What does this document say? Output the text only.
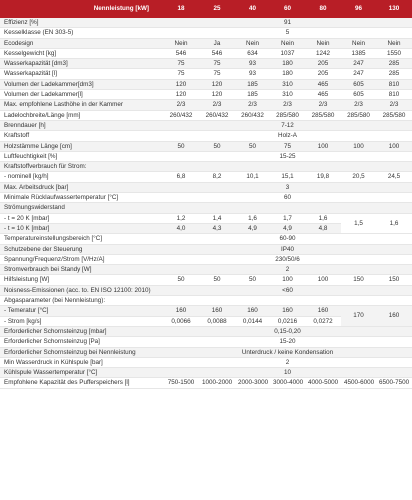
Nennleistung [kW]	18	25	40	60	80	96	130
Effizienz [%]	91						
Kesselklasse (EN 303-5)	5						
Ecodesign	Nein	Ja	Nein	Nein	Nein	Nein	Nein
Kesselgewicht [kg]	546	546	634	1037	1242	1385	1550
Wasserkapazität [dm3]	75	75	93	180	205	247	285
Wasserkapazität [l]	75	75	93	180	205	247	285
Volumen der Ladekammer[dm3]	120	120	185	310	465	605	810
Volumen der Ladekammer[l]	120	120	185	310	465	605	810
Max. empfohlene Lasthöhe in der Kammer	2/3	2/3	2/3	2/3	2/3	2/3	2/3
Ladelochbreite/Länge [mm]	260/432	260/432	260/432	285/580	285/580	285/580	285/580
Brenndauer [h]	7-12						
Kraftstoff	Holz-A						
Holzstämme Länge [cm]	50	50	50	75	100	100	100
Luftfeuchtigkeit [%]	15-25						
Kraftstoffverbrauch für Strom:							
- nominell [kg/h]	6,8	8,2	10,1	15,1	19,8	20,5	24,5
Max. Arbeitsdruck [bar]	3						
Minimale Rücklaufwassertemperatur [°C]	60						
Strömungswiderstand							
- t = 20 K [mbar]	1,2	1,4	1,6	1,7	1,6	1,5	1,6
- t = 10 K [mbar]	4,0	4,3	4,9	4,9	4,8		
Temperatureinstellungsbereich [°C]	60-90						
Schutzebene der Steuerung	IP40						
Spannung/Frequenz/Strom [V/Hz/A]	230/50/6						
Stromverbrauch bei Standy [W]	2						
Hilfsleistung [W]	50	50	50	100	100	150	150
Noisness-Emissionen (acc. to. EN ISO 12100: 2010)	<60						
Abgasparameter (bei Nennleistung):							
- Temeratur [°C]	160	160	160	160	160	170	160
- Strom [kg/s]	0,0066	0,0088	0,0144	0,0216	0,0272		
Erforderlicher Schornsteinzug [mbar]	0,15-0,20						
Erforderlicher Schornsteinzug [Pa]	15-20						
Erforderlicher Schornsteinzug bei Nennleistung	Unterdruck / keine Kondensation						
Min Wasserdruck in Kühlspule [bar]	2						
Kühlspule Wassertemperatur [°C]	10						
Empfohlene Kapazität des Pufferspeichers [l]	750-1500	1000-2000	2000-3000	3000-4000	4000-5000	4500-6000	6500-7500
